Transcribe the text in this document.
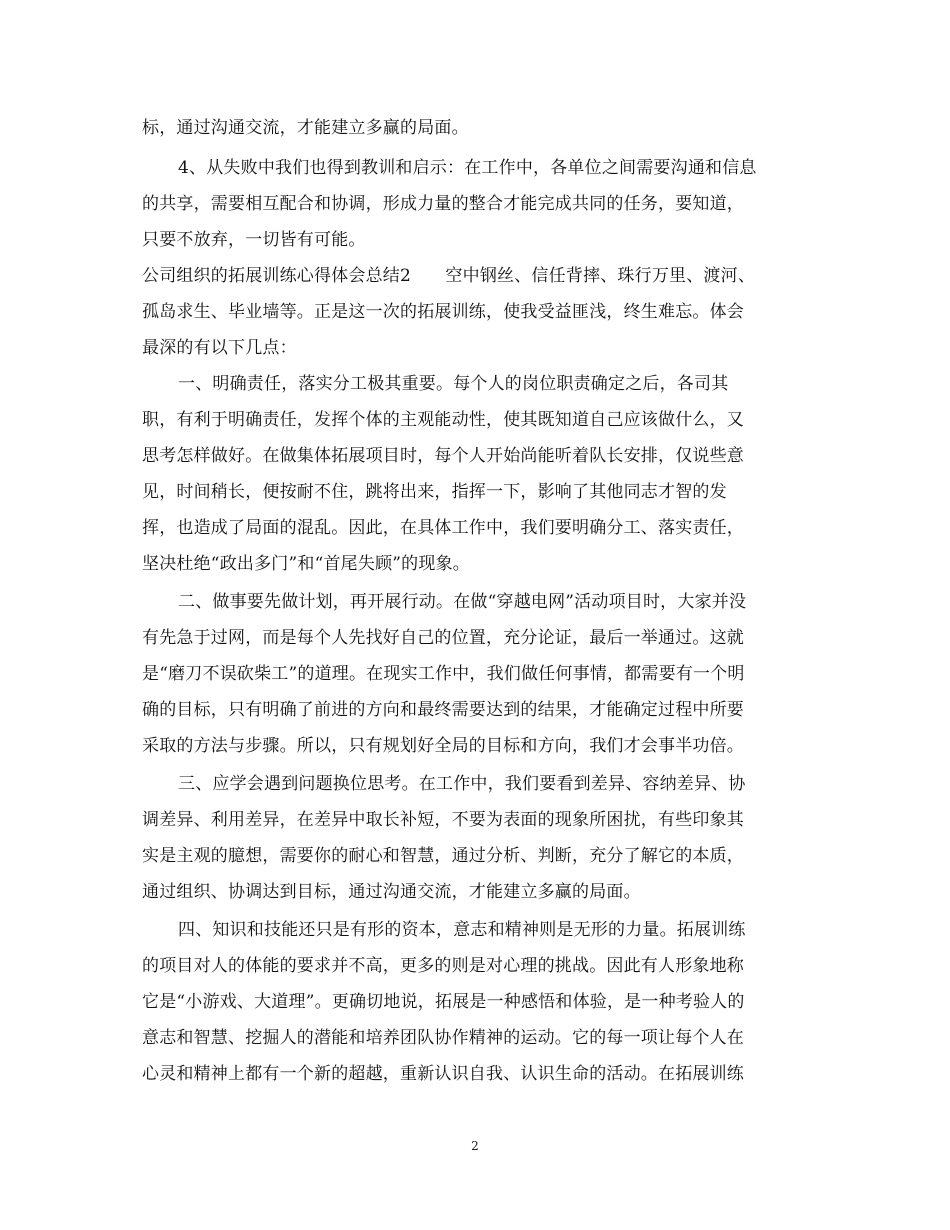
标，通过沟通交流，才能建立多赢的局面。
4、从失败中我们也得到教训和启示：在工作中，各单位之间需要沟通和信息
的共享，需要相互配合和协调，形成力量的整合才能完成共同的任务，要知道，
只要不放弃，一切皆有可能。
公司组织的拓展训练心得体会总结2　　空中钢丝、信任背摔、珠行万里、渡河、
孤岛求生、毕业墙等。正是这一次的拓展训练，使我受益匪浅，终生难忘。体会
最深的有以下几点：
一、明确责任，落实分工极其重要。每个人的岗位职责确定之后，各司其
职，有利于明确责任，发挥个体的主观能动性，使其既知道自己应该做什么，又
思考怎样做好。在做集体拓展项目时，每个人开始尚能听着队长安排，仅说些意
见，时间稍长，便按耐不住，跳将出来，指挥一下，影响了其他同志才智的发
挥，也造成了局面的混乱。因此，在具体工作中，我们要明确分工、落实责任，
坚决杜绝“政出多门”和“首尾失顾”的现象。
二、做事要先做计划，再开展行动。在做“穿越电网”活动项目时，大家并没
有先急于过网，而是每个人先找好自己的位置，充分论证，最后一举通过。这就
是“磨刀不误砍柴工”的道理。在现实工作中，我们做任何事情，都需要有一个明
确的目标，只有明确了前进的方向和最终需要达到的结果，才能确定过程中所要
采取的方法与步骤。所以，只有规划好全局的目标和方向，我们才会事半功倍。
三、应学会遇到问题换位思考。在工作中，我们要看到差异、容纳差异、协
调差异、利用差异，在差异中取长补短，不要为表面的现象所困扰，有些印象其
实是主观的臆想，需要你的耐心和智慧，通过分析、判断，充分了解它的本质，
通过组织、协调达到目标，通过沟通交流，才能建立多赢的局面。
四、知识和技能还只是有形的资本，意志和精神则是无形的力量。拓展训练
的项目对人的体能的要求并不高，更多的则是对心理的挑战。因此有人形象地称
它是“小游戏、大道理”。更确切地说，拓展是一种感悟和体验，是一种考验人的
意志和智慧、挖掘人的潜能和培养团队协作精神的运动。它的每一项让每个人在
心灵和精神上都有一个新的超越，重新认识自我、认识生命的活动。在拓展训练
2
